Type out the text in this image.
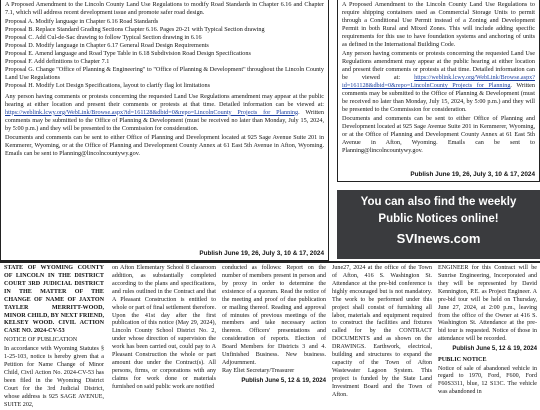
A Proposed Amendment to the Lincoln County Land Use Regulations to modify Road Standards in Chapter 6.16 and Chapter 7.1, which will address recent development issue and promote safer road design.

Proposal A. Modify language in Chapter 6.16 Road Standards

Proposal B. Replace Standard Grading Sections Chapter 6.16. Pages 20-21 with Typical Section drawing

Proposal C. Add Cul-de-Sac drawing to follow Typical Section drawing in 6.16

Proposal D. Modify language in Chapter 6.17 General Road Design Requirements

Proposal E. Amend language and Road Type Table in 6.18 Subdivision Road Design Specifications

Proposal F. Add definitions to Chapter 7.1

Proposal G. Change "Office of Planning & Engineering" to "Office of Planning & Development" throughout the Lincoln County Land Use Regulations

Proposal H. Modify Lot Design Specifications, layout to clarify flag lot limitations

Any person having comments or protests concerning the requested Land Use Regulations amendment may appear at the public hearing at either location and present their comments or protests at that time. Detailed information can be viewed at: https://weblink.lcwy.org/WebLink/Browse.aspx?id=161128&dbid=0&repo=LincolnCounty Projects for Planning. Written comments may be submitted to the Office of Planning & Development (must be received no later than Monday, July 15, 2024, by 5:00 p.m.) and they will be presented to the Commission for consideration.

Documents and comments can be sent to either Office of Planning and Development located at 925 Sage Avenue Suite 201 in Kemmerer, Wyoming, or at the Office of Planning and Development County Annex at 61 East 5th Avenue in Afton, Wyoming. Emails can be sent to Planning@lincolncountywy.gov.

Publish June 19, 26, July 3, 10 & 17, 2024

A Proposed Amendment to the Lincoln County Land Use Regulations to require shipping containers used as Commercial Storage Units to permit through a Conditional Use Permit instead of a Zoning and Development Permit in both Rural and Mixed Zones. This will include adding specific requirements for this use to have foundation systems and anchoring of units as defined in the International Building Code.

Any person having comments or protests concerning the requested Land Use Regulations amendment may appear at the public hearing at either location and present their comments or protests at that time. Detailed information can be viewed at: https://weblink.lcwy.org/WebLink/Browse.aspx?id=161128&dbid=0&repo=LincolnCounty Projects for Planning. Written comments may be submitted to the Office of Planning & Development (must be received no later than Monday, July 15, 2024, by 5:00 p.m.) and they will be presented to the Commission for consideration.

Documents and comments can be sent to either Office of Planning and Development located at 925 Sage Avenue Suite 201 in Kemmerer, Wyoming, or at the Office of Planning and Development County Annex at 61 East 5th Avenue in Afton, Wyoming. Emails can be sent to Planning@lincolncountywy.gov.

Publish June 19, 26, July 3, 10 & 17, 2024
You can also find the weekly
Public Notices online!
SVInews.com

STATE OF WYOMING COUNTY OF LINCOLN IN THE DISTRICT COURT 3RD JUDICIAL DISTRICT IN THE MATTER OF THE CHANGE OF NAME OF JAXTON TAYLER MERRITT-WOOD, MINOR CHILD, BY NEXT FRIEND, KELSEY WOOD. CIVIL ACTION CASE NO. 2024-CV-53

NOTICE OF PUBLICATION

In accordance with Wyoming Statutes § 1-25-103, notice is hereby given that a Petition for Name Change of Minor Child, Civil Action No. 2024-CV-53 has been filed in the Wyoming District Court for the 3rd Judicial District, whose address is 925 SAGE AVENUE, SUITE 202,

on Afton Elementary School 8 classroom addition, as substantially completed according to the plans and specifications, and rules outlined in the Contract and that A Pleasant Construction is entitled to whole or part of final settlement therefore. Upon the 41st day after the first publication of this notice (May 29, 2024), Lincoln County School District No. 2, under whose direction of supervision the work has been carried out, could pay to A Pleasant Construction the whole or part amount due under the Contract(s). All persons, firms, or corporations with any claims for work done or materials furnished on said public work are notified

conducted as follows: Report on the number of members present in person and by proxy in order to determine the existence of a quorum. Read the notice of the meeting and proof of due publication or mailing thereof. Reading and approval of minutes of previous meetings of the members and take necessary action thereon. Officers' presentations and consideration of reports. Election of Board Members for Districts 3 and 4. Unfinished Business. New business. Adjournment.

Ray Eliet Secretary/Treasurer

Publish June 5, 12 & 19, 2024

June27, 2024 at the office of the Town of Afton, 416 S. Washington St. Attendance at the pre-bid conference is highly encouraged but is not mandatory. The work to be performed under this project shall consist of furnishing all labor, materials and equipment required to construct the facilities and fixtures called for by the CONTRACT DOCUMENTS and as shown on the DRAWINGS. Earthwork, electrical, building and structures to expand the capacity of the Town of Afton Wastewater Lagoon System. This project is funded by the State Land Investment Board and the Town of Afton.

ENGINEER for this Contract will be Sunrise Engineering, Incorporated and they will be represented by David Kennington, P.E. as Project Engineer. A pre-bid tour will be held on Thursday, June 27, 2024, at 2:00 p.m., leaving from the office of the Owner at 416 S. Washington St. Attendance at the pre-bid tour is requested. Notice of those in attendance will be recorded.

Publish June 5, 12 & 19, 2024

PUBLIC NOTICE

Notice of sale of abandoned vehicle in regard to 1970, Ford, F600, Ford F60S3311, blue, 12 S13C. The vehicle was abandoned in
